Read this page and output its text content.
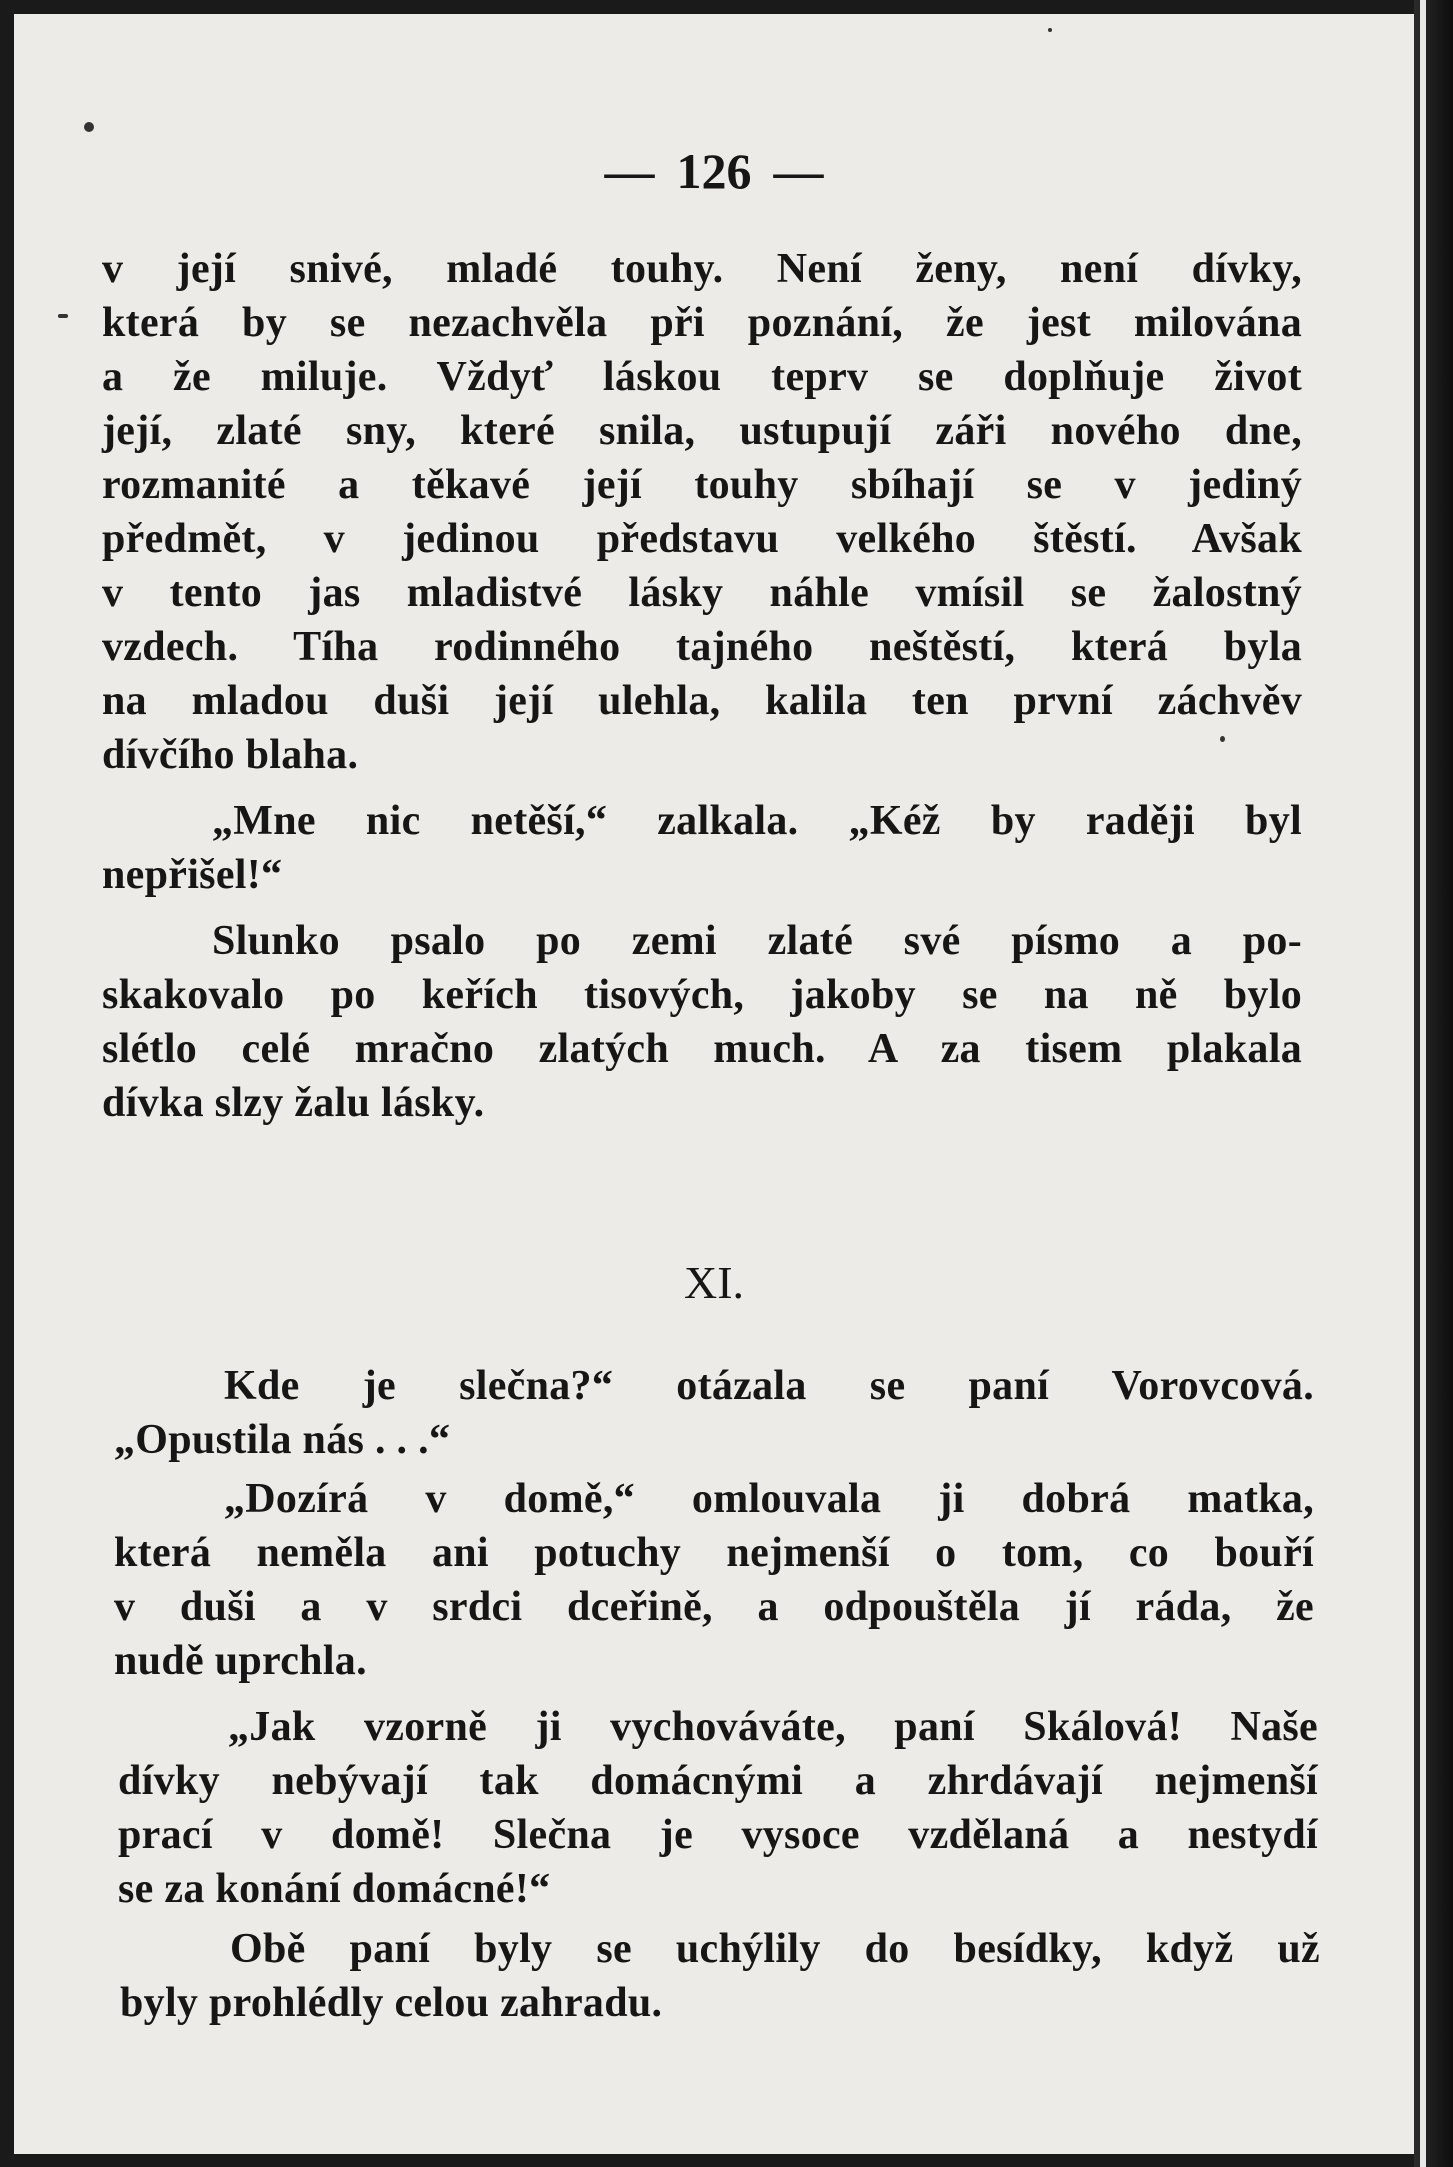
— 126 —
v její snivé, mladé touhy. Není ženy, není dívky,
která by se nezachvěla při poznání, že jest milována
a že miluje. Vždyť láskou teprv se doplňuje život
její, zlaté sny, které snila, ustupují záři nového dne,
rozmanité a těkavé její touhy sbíhají se v jediný
předmět, v jedinou představu velkého štěstí. Avšak
v tento jas mladistvé lásky náhle vmísil se žalostný
vzdech. Tíha rodinného tajného neštěstí, která byla
na mladou duši její ulehla, kalila ten první záchvěv
dívčího blaha.
„Mne nic netěší,“ zalkala. „Kéž by raději byl
nepřišel!“
Slunko psalo po zemi zlaté své písmo a po-
skakovalo po keřích tisových, jakoby se na ně bylo
slétlo celé mračno zlatých much. A za tisem plakala
dívka slzy žalu lásky.
XI.
Kde je slečna?“ otázala se paní Vorovcová.
„Opustila nás . . .“
„Dozírá v domě,“ omlouvala ji dobrá matka,
která neměla ani potuchy nejmenší o tom, co bouří
v duši a v srdci dceřině, a odpouštěla jí ráda, že
nudě uprchla.
„Jak vzorně ji vychováváte, paní Skálová! Naše
dívky nebývají tak domácnými a zhrdávají nejmenší
prací v domě! Slečna je vysoce vzdělaná a nestydí
se za konání domácné!“
Obě paní byly se uchýlily do besídky, když už
byly prohlédly celou zahradu.
